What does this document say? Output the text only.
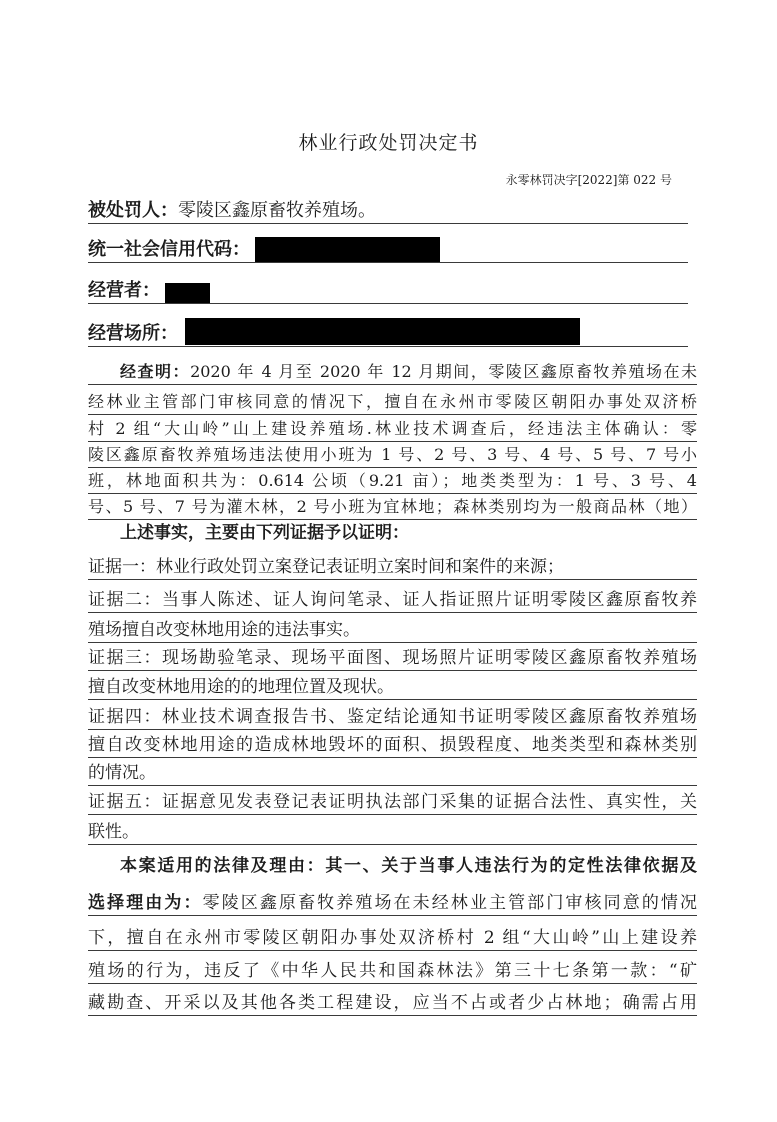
林业行政处罚决定书
永零林罚决字[2022]第 022 号
被处罚人：零陵区鑫原畜牧养殖场。
统一社会信用代码：
经营者：
经营场所：
经查明：2020 年 4 月至 2020 年 12 月期间，零陵区鑫原畜牧养殖场在未
经林业主管部门审核同意的情况下，擅自在永州市零陵区朝阳办事处双济桥
村 2 组“大山岭”山上建设养殖场.林业技术调查后，经违法主体确认：零
陵区鑫原畜牧养殖场违法使用小班为 1 号、2 号、3 号、4 号、5 号、7 号小
班，林地面积共为：0.614 公顷（9.21 亩）；地类类型为：1 号、3 号、4
号、5 号、7 号为灌木林，2 号小班为宜林地；森林类别均为一般商品林（地）
上述事实，主要由下列证据予以证明：
证据一：林业行政处罚立案登记表证明立案时间和案件的来源；
证据二：当事人陈述、证人询问笔录、证人指证照片证明零陵区鑫原畜牧养
殖场擅自改变林地用途的违法事实。
证据三：现场勘验笔录、现场平面图、现场照片证明零陵区鑫原畜牧养殖场
擅自改变林地用途的的地理位置及现状。
证据四：林业技术调查报告书、鉴定结论通知书证明零陵区鑫原畜牧养殖场
擅自改变林地用途的造成林地毁坏的面积、损毁程度、地类类型和森林类别
的情况。
证据五：证据意见发表登记表证明执法部门采集的证据合法性、真实性，关
联性。
本案适用的法律及理由：其一、关于当事人违法行为的定性法律依据及
选择理由为：零陵区鑫原畜牧养殖场在未经林业主管部门审核同意的情况
下，擅自在永州市零陵区朝阳办事处双济桥村 2 组“大山岭”山上建设养
殖场的行为，违反了《中华人民共和国森林法》第三十七条第一款：“矿
藏勘查、开采以及其他各类工程建设，应当不占或者少占林地；确需占用
